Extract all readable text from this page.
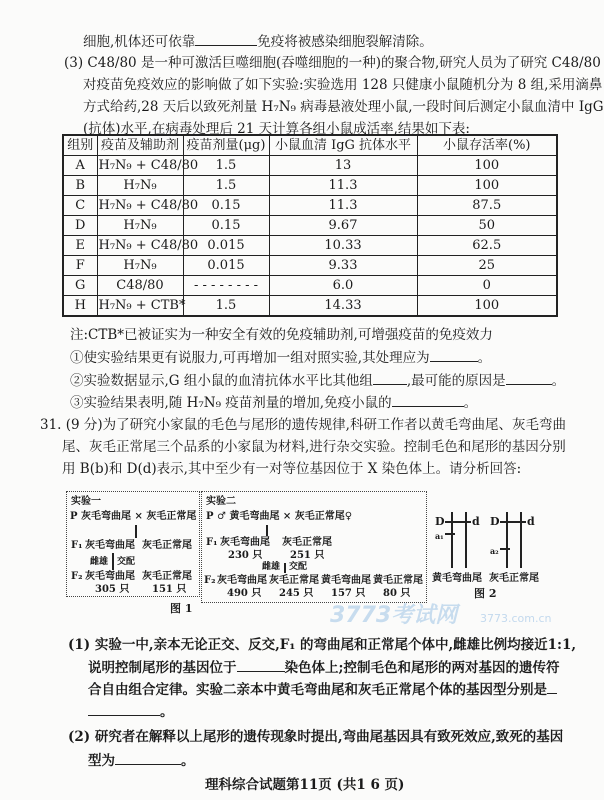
细胞,机体还可依靠	免疫将被感染细胞裂解清除。
(3) C48/80 是一种可激活巨噬细胞(吞噬细胞的一种)的聚合物,研究人员为了研究 C48/80
对疫苗免疫效应的影响做了如下实验:实验选用 128 只健康小鼠随机分为 8 组,采用滴鼻
方式给药,28 天后以致死剂量 H₇N₉ 病毒悬液处理小鼠,一段时间后测定小鼠血清中 IgG
(抗体)水平,在病毒处理后 21 天计算各组小鼠成活率,结果如下表:
组别	疫苗及辅助剂	疫苗剂量(μg)	小鼠血清 IgG 抗体水平	小鼠存活率(%)
A	H₇N₉ + C48/80	1.5	13	100
B	H₇N₉	1.5	11.3	100
C	H₇N₉ + C48/80	0.15	11.3	87.5
D	H₇N₉	0.15	9.67	50
E	H₇N₉ + C48/80	0.015	10.33	62.5
F	H₇N₉	0.015	9.33	25
G	C48/80	- - - - - - - -	6.0	0
H	H₇N₉ + CTB*	1.5	14.33	100
注:CTB*已被证实为一种安全有效的免疫辅助剂,可增强疫苗的免疫效力
①使实验结果更有说服力,可再增加一组对照实验,其处理应为	。
②实验数据显示,G 组小鼠的血清抗体水平比其他组	,最可能的原因是	。
③实验结果表明,随 H₇N₉ 疫苗剂量的增加,免疫小鼠的	。
31. (9 分)为了研究小家鼠的毛色与尾形的遗传规律,科研工作者以黄毛弯曲尾、灰毛弯曲
尾、灰毛正常尾三个品系的小家鼠为材料,进行杂交实验。控制毛色和尾形的基因分别
用 B(b)和 D(d)表示,其中至少有一对等位基因位于 X 染色体上。请分析回答:
实验一
P 灰毛弯曲尾 × 灰毛正常尾
F₁ 灰毛弯曲尾 灰毛正常尾
雌雄 交配
F₂ 灰毛弯曲尾 灰毛正常尾
305 只 151 只
实验二
P ♂ 黄毛弯曲尾 × 灰毛正常尾♀
F₁ 灰毛弯曲尾
230 只
灰毛正常尾
251 只
雌雄 交配
F₂ 灰毛弯曲尾
490 只
灰毛正常尾
245 只
黄毛弯曲尾
157 只
黄毛正常尾
80 只
图 1
D
a₁
d D
a₂
d
黄毛弯曲尾 灰毛正常尾
图 2
3773考试网 3773.com.cn
(1) 实验一中,亲本无论正交、反交,F₁ 的弯曲尾和正常尾个体中,雌雄比例均接近1:1,
说明控制尾形的基因位于	染色体上;控制毛色和尾形的两对基因的遗传符
合自由组合定律。实验二亲本中黄毛弯曲尾和灰毛正常尾个体的基因型分别是
。
(2) 研究者在解释以上尾形的遗传现象时提出,弯曲尾基因具有致死效应,致死的基因
型为	。
理科综合试题第11页 (共1 6 页)
